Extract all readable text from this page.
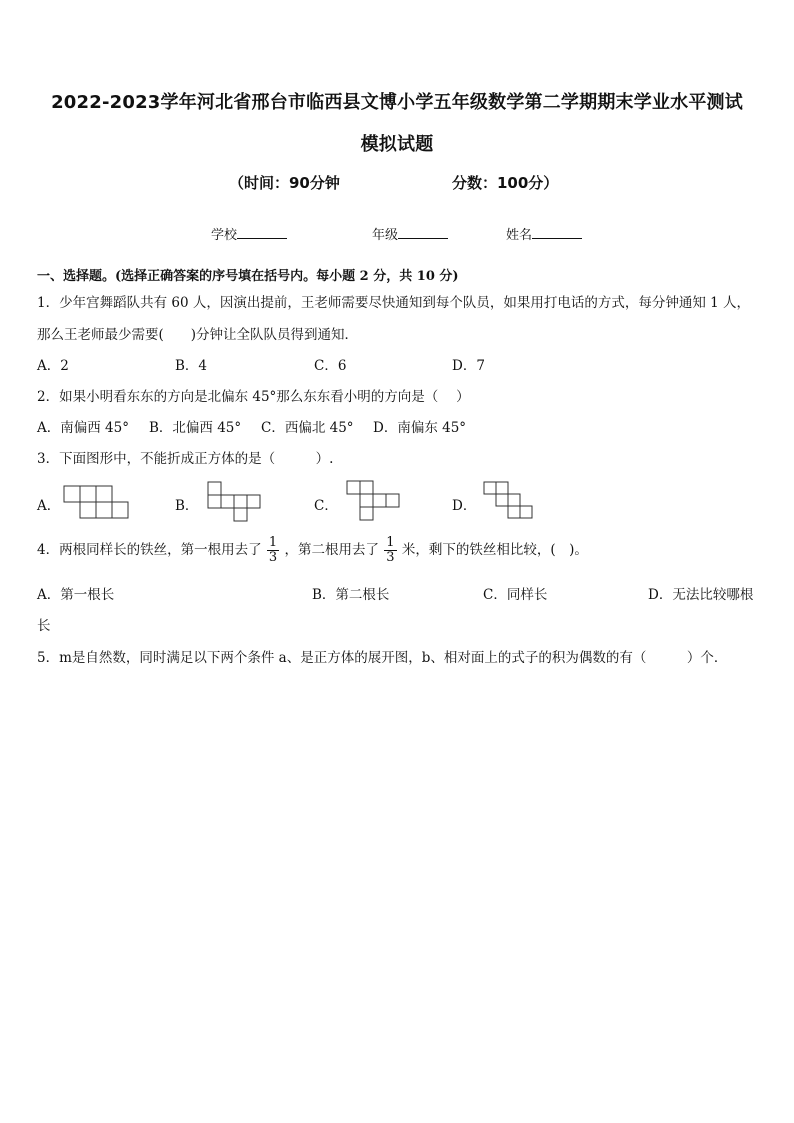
2022-2023学年河北省邢台市临西县文博小学五年级数学第二学期期末学业水平测试
模拟试题
（时间：90分钟	分数：100分）
学校	年级	姓名
一、选择题。(选择正确答案的序号填在括号内。每小题 2 分，共 10 分)
1．少年宫舞蹈队共有 60 人，因演出提前，王老师需要尽快通知到每个队员，如果用打电话的方式，每分钟通知 1 人，
那么王老师最少需要(　　)分钟让全队队员得到通知．
A．2	B．4	C．6	D．7
2．如果小明看东东的方向是北偏东 45°那么东东看小明的方向是（　 ）
A．南偏西 45° B．北偏西 45° C．西偏北 45° D．南偏东 45°
3．下面图形中，不能折成正方体的是（　　　）.
A．	B．	C．	D．
4．两根同样长的铁丝，第一根用去了 $\frac{1}{3}$ ，第二根用去了 $\frac{1}{3}$ 米，剩下的铁丝相比较，(　)。
A．第一根长	B．第二根长	C．同样长	D．无法比较哪根
长
5．m是自然数，同时满足以下两个条件 a、是正方体的展开图，b、相对面上的式子的积为偶数的有（　　　）个．
